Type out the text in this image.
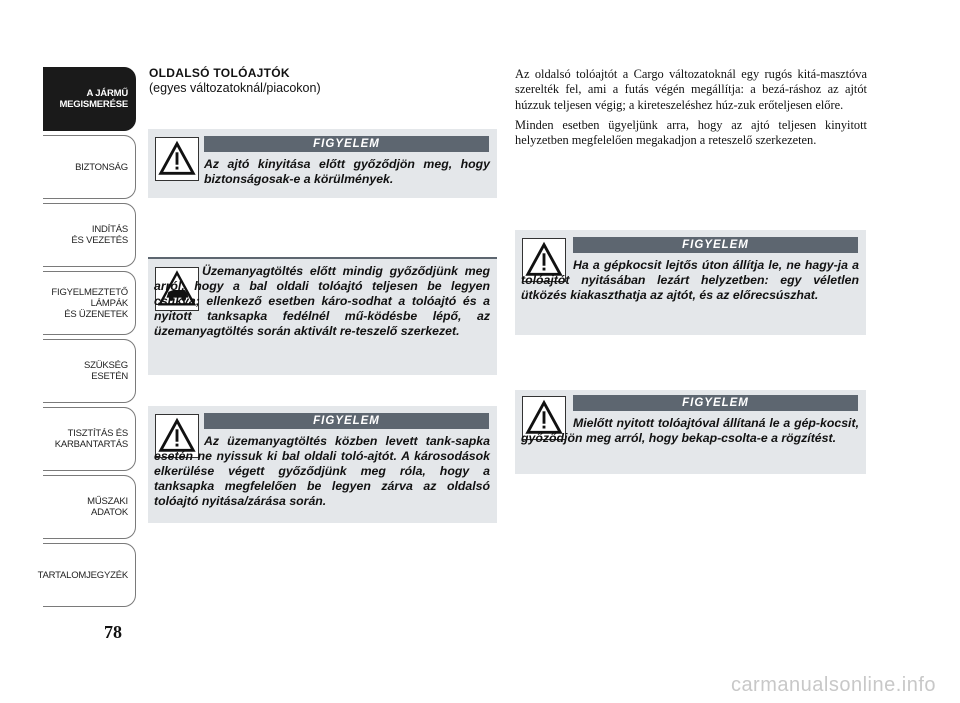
A JÁRMŰ
MEGISMERÉSE
BIZTONSÁG
INDÍTÁS
ÉS VEZETÉS
FIGYELMEZTETŐ
LÁMPÁK
ÉS ÜZENETEK
SZÜKSÉG
ESETÉN
TISZTÍTÁS ÉS
KARBANTARTÁS
MŰSZAKI
ADATOK
TARTALOMJEGYZÉK
78
OLDALSÓ TOLÓAJTÓK
(egyes változatoknál/piacokon)
FIGYELEM
Az ajtó kinyitása előtt győződjön meg, hogy biztonságosak-e a körülmények.
Üzemanyagtöltés előtt mindig győződjünk meg arról, hogy a bal oldali tolóajtó teljesen be legyen csukva; ellenkező esetben káro-sodhat a tolóajtó és a nyitott tanksapka fedélnél mű-ködésbe lépő, az üzemanyagtöltés során aktivált re-teszelő szerkezet.
FIGYELEM
Az üzemanyagtöltés közben levett tank-sapka esetén ne nyissuk ki bal oldali toló-ajtót. A károsodások elkerülése végett győződjünk meg róla, hogy a tanksapka megfelelően be legyen zárva az oldalsó tolóajtó nyitása/zárása során.

Az oldalsó tolóajtót a Cargo változatoknál egy rugós kitá-masztóva szerelték fel, ami a futás végén megállítja: a bezá-ráshoz az ajtót húzzuk teljesen végig; a kireteszeléshez húz-zuk erőteljesen előre.

Minden esetben ügyeljünk arra, hogy az ajtó teljesen kinyitott helyzetben megfelelően megakadjon a reteszelő szerkezeten.

FIGYELEM
Ha a gépkocsit lejtős úton állítja le, ne hagy-ja a tolóajtót nyitásában lezárt helyzetben: egy véletlen ütközés kiakaszthatja az ajtót, és az előrecsúszhat.
FIGYELEM
Mielőtt nyitott tolóajtóval állítaná le a gép-kocsit, győződjön meg arról, hogy bekap-csolta-e a rögzítést.
carmanualsonline.info
